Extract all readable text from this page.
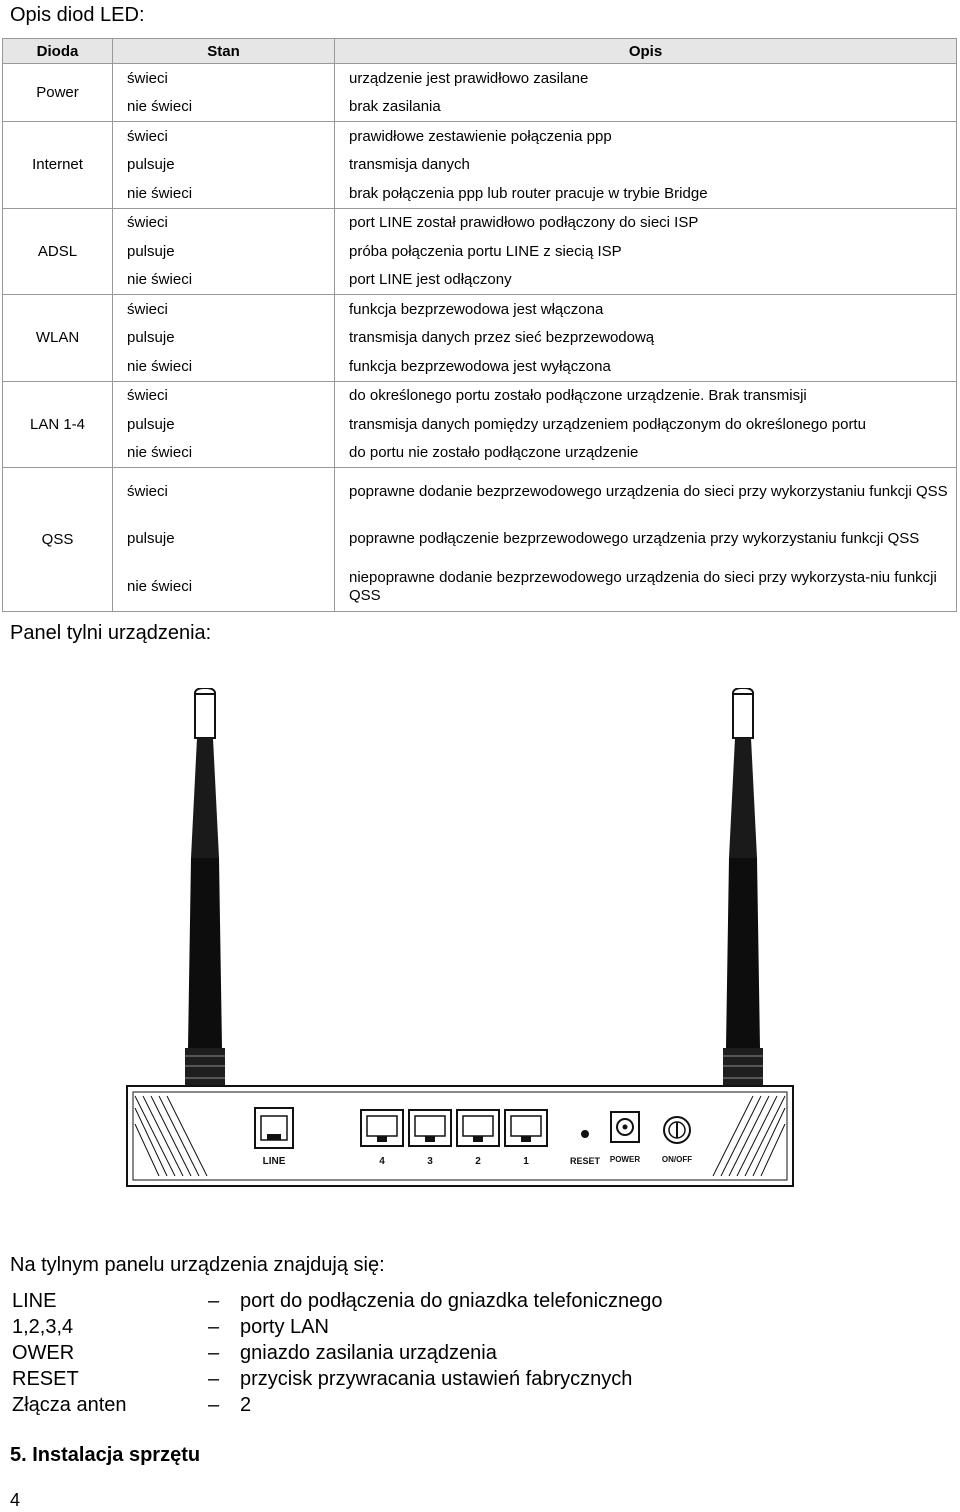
Opis diod LED:
Dioda	Stan	Opis
Power	świeci	urządzenie jest prawidłowo zasilane
	nie świeci	brak zasilania
Internet	świeci	prawidłowe zestawienie połączenia ppp
	pulsuje	transmisja danych
	nie świeci	brak połączenia ppp lub router pracuje w trybie Bridge
ADSL	świeci	port LINE został prawidłowo podłączony do sieci ISP
	pulsuje	próba połączenia portu LINE z siecią ISP
	nie świeci	port LINE jest odłączony
WLAN	świeci	funkcja bezprzewodowa jest włączona
	pulsuje	transmisja danych przez sieć bezprzewodową
	nie świeci	funkcja bezprzewodowa jest wyłączona
LAN 1-4	świeci	do określonego portu zostało podłączone urządzenie. Brak transmisji
	pulsuje	transmisja danych pomiędzy urządzeniem podłączonym do określonego portu
	nie świeci	do portu nie zostało podłączone urządzenie
QSS	świeci	poprawne dodanie bezprzewodowego urządzenia do sieci przy wykorzystaniu funkcji QSS
	pulsuje	poprawne podłączenie bezprzewodowego urządzenia przy wykorzystaniu funkcji QSS
	nie świeci	niepoprawne dodanie bezprzewodowego urządzenia do sieci przy wykorzysta-niu funkcji QSS
Panel tylni urządzenia:
LINE	4	3	2	1	RESET POWER	ON/OFF
Na tylnym panelu urządzenia znajdują się:
LINE	– port do podłączenia do gniazdka telefonicznego
1,2,3,4	– porty LAN
OWER	– gniazdo zasilania urządzenia
RESET	– przycisk przywracania ustawień fabrycznych
Złącza anten	– 2
5. Instalacja sprzętu
4
